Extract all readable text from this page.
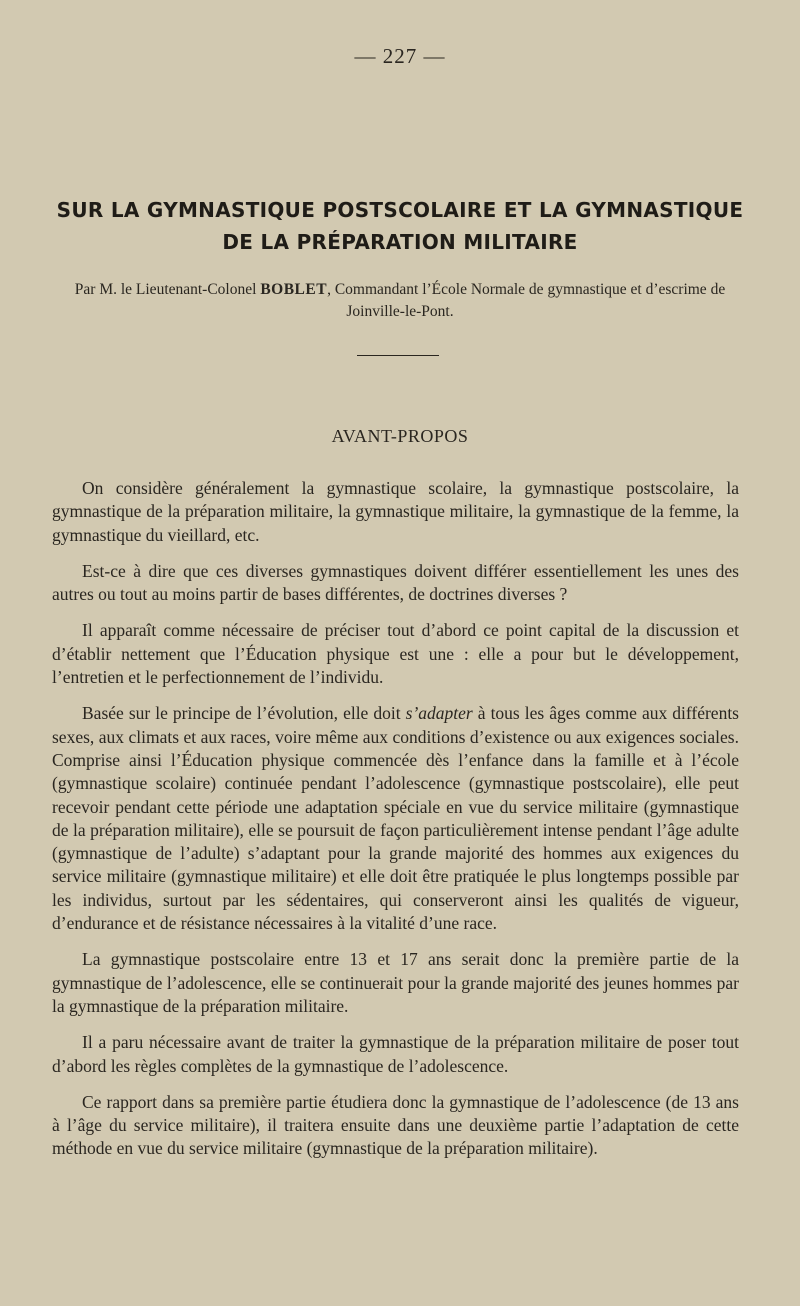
— 227 —
SUR LA GYMNASTIQUE POSTSCOLAIRE ET LA GYMNASTIQUE DE LA PRÉPARATION MILITAIRE
Par M. le Lieutenant-Colonel BOBLET, Commandant l’École Normale de gymnastique et d’escrime de Joinville-le-Pont.
AVANT-PROPOS

On considère généralement la gymnastique scolaire, la gymnastique postscolaire, la gymnastique de la préparation militaire, la gymnastique militaire, la gymnastique de la femme, la gymnastique du vieillard, etc.

Est-ce à dire que ces diverses gymnastiques doivent différer essentiellement les unes des autres ou tout au moins partir de bases différentes, de doctrines diverses ?

Il apparaît comme nécessaire de préciser tout d’abord ce point capital de la discussion et d’établir nettement que l’Éducation physique est une : elle a pour but le développement, l’entretien et le perfectionnement de l’individu.

Basée sur le principe de l’évolution, elle doit s’adapter à tous les âges comme aux différents sexes, aux climats et aux races, voire même aux conditions d’existence ou aux exigences sociales. Comprise ainsi l’Éducation physique commencée dès l’enfance dans la famille et à l’école (gymnastique scolaire) continuée pendant l’adolescence (gymnastique postscolaire), elle peut recevoir pendant cette période une adaptation spéciale en vue du service militaire (gymnastique de la préparation militaire), elle se poursuit de façon particulièrement intense pendant l’âge adulte (gymnastique de l’adulte) s’adaptant pour la grande majorité des hommes aux exigences du service militaire (gymnastique militaire) et elle doit être pratiquée le plus longtemps possible par les individus, surtout par les sédentaires, qui conserveront ainsi les qualités de vigueur, d’endurance et de résistance nécessaires à la vitalité d’une race.

La gymnastique postscolaire entre 13 et 17 ans serait donc la première partie de la gymnastique de l’adolescence, elle se continuerait pour la grande majorité des jeunes hommes par la gymnastique de la préparation militaire.

Il a paru nécessaire avant de traiter la gymnastique de la préparation militaire de poser tout d’abord les règles complètes de la gymnastique de l’adolescence.

Ce rapport dans sa première partie étudiera donc la gymnastique de l’adolescence (de 13 ans à l’âge du service militaire), il traitera ensuite dans une deuxième partie l’adaptation de cette méthode en vue du service militaire (gymnastique de la préparation militaire).
